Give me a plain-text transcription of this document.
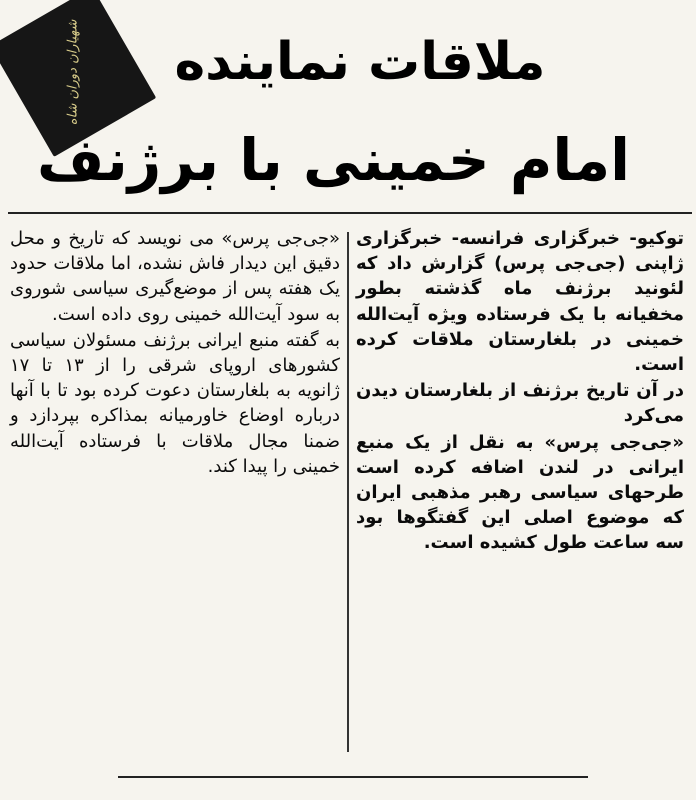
شهیاران دوران شاه	ملاقات نماینده
امام خمینی با برژنف

توکیو- خبرگزاری فرانسه- خبرگزاری ژاپنی (جی‌جی پرس) گزارش داد که لئونید برژنف ماه گذشته بطور مخفیانه با یک فرستاده ویژه آیت‌الله خمینی در بلغارستان ملاقات کرده است.

در آن تاریخ برژنف از بلغارستان دیدن می‌کرد

«جی‌جی پرس» به نقل از یک منبع ایرانی در لندن اضافه کرده است طرحهای سیاسی رهبر مذهبی ایران که موضوع اصلی این گفتگوها بود سه ساعت طول کشیده است.

«جی‌جی پرس» می نویسد که تاریخ و محل دقیق این دیدار فاش نشده، اما ملاقات حدود یک هفته پس از موضع‌گیری سیاسی شوروی به سود آیت‌الله خمینی روی داده است.

به گفته منبع ایرانی برژنف مسئولان سیاسی کشورهای اروپای شرقی را از ۱۳ تا ۱۷ ژانویه به بلغارستان دعوت کرده بود تا با آنها درباره اوضاع خاورمیانه بمذاکره بپردازد و ضمنا مجال ملاقات با فرستاده آیت‌الله خمینی را پیدا کند.
